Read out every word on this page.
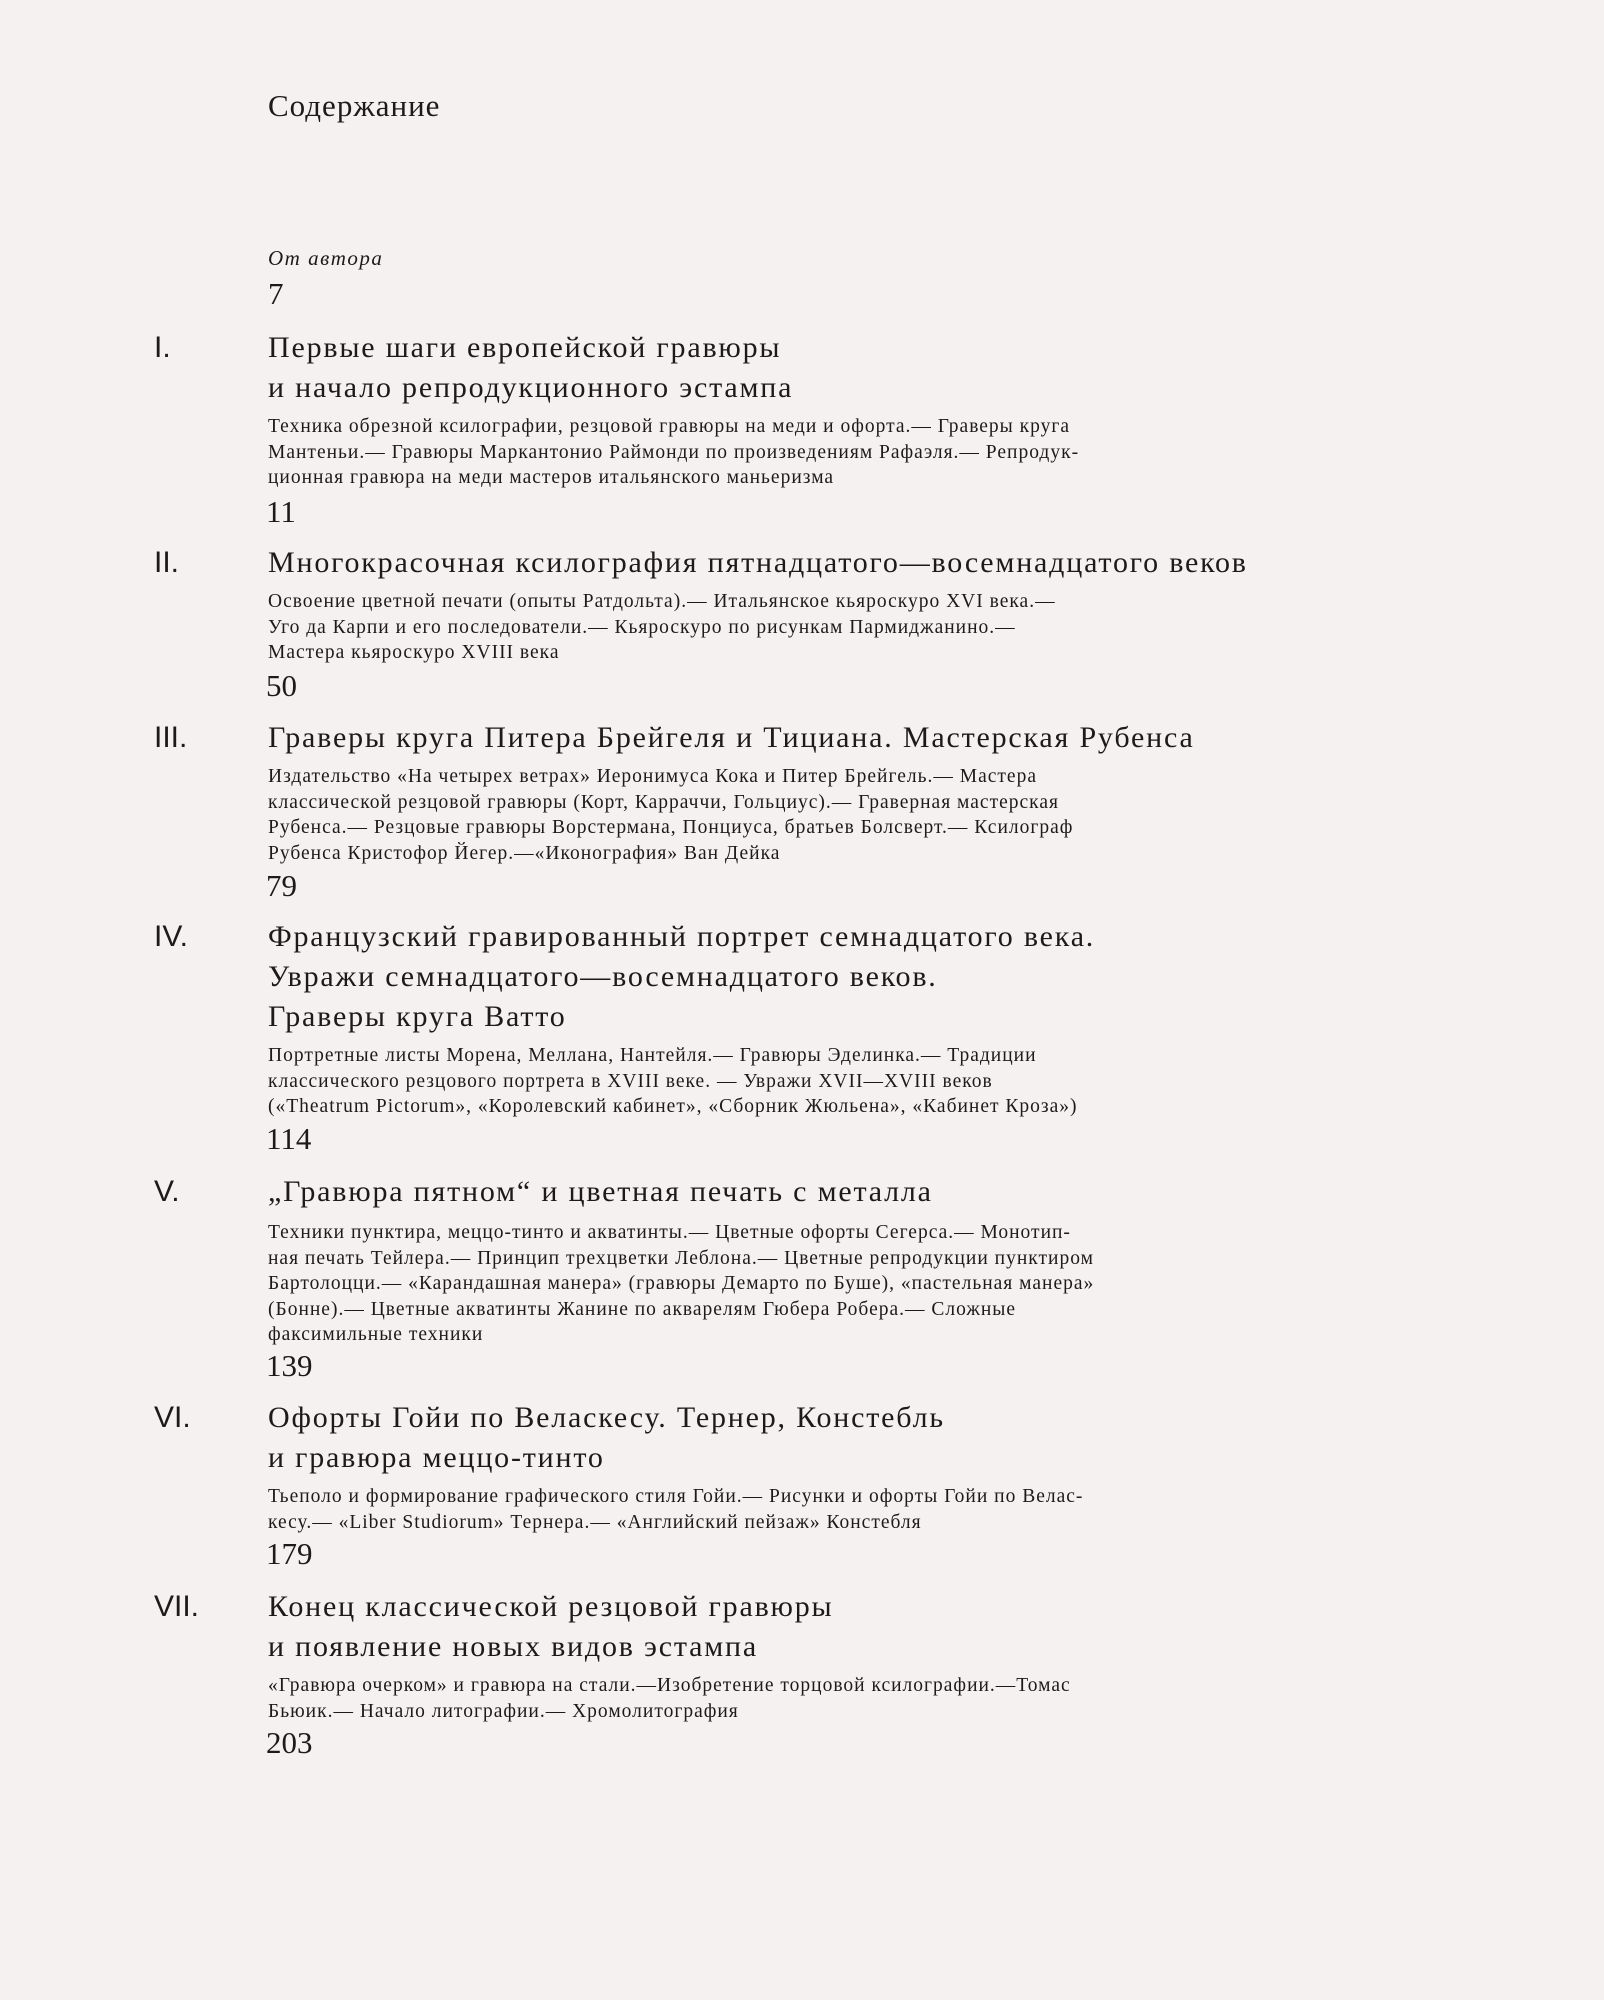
Содержание
От автора
7
I.	Первые шаги европейской гравюры
и начало репродукционного эстампа
Техника обрезной ксилографии, резцовой гравюры на меди и офорта.— Граверы круга
Мантеньи.— Гравюры Маркантонио Раймонди по произведениям Рафаэля.— Репродук-
ционная гравюра на меди мастеров итальянского маньеризма
11
II.	Многокрасочная ксилография пятнадцатого—восемнадцатого веков
Освоение цветной печати (опыты Ратдольта).— Итальянское кьяроскуро XVI века.—
Уго да Карпи и его последователи.— Кьяроскуро по рисункам Пармиджанино.—
Мастера кьяроскуро XVIII века
50
III.	Граверы круга Питера Брейгеля и Тициана. Мастерская Рубенса
Издательство «На четырех ветрах» Иеронимуса Кока и Питер Брейгель.— Мастера
классической резцовой гравюры (Корт, Карраччи, Гольциус).— Граверная мастерская
Рубенса.— Резцовые гравюры Ворстермана, Понциуса, братьев Болсверт.— Ксилограф
Рубенса Кристофор Йегер.—«Иконография» Ван Дейка
79
IV.	Французский гравированный портрет семнадцатого века.
Увражи семнадцатого—восемнадцатого веков.
Граверы круга Ватто
Портретные листы Морена, Меллана, Нантейля.— Гравюры Эделинка.— Традиции
классического резцового портрета в XVIII веке. — Увражи XVII—XVIII веков
(«Theatrum Pictorum», «Королевский кабинет», «Сборник Жюльена», «Кабинет Кроза»)
114
V.	„Гравюра пятном“ и цветная печать с металла
Техники пунктира, меццо-тинто и акватинты.— Цветные офорты Сегерса.— Монотип-
ная печать Тейлера.— Принцип трехцветки Леблона.— Цветные репродукции пунктиром
Бартолоцци.— «Карандашная манера» (гравюры Демарто по Буше), «пастельная манера»
(Бонне).— Цветные акватинты Жанине по акварелям Гюбера Робера.— Сложные
факсимильные техники
139
VI.	Офорты Гойи по Веласкесу. Тернер, Констебль
и гравюра меццо-тинто
Тьеполо и формирование графического стиля Гойи.— Рисунки и офорты Гойи по Велас-
кесу.— «Liber Studiorum» Тернера.— «Английский пейзаж» Констебля
179
VII. Конец классической резцовой гравюры
и появление новых видов эстампа
«Гравюра очерком» и гравюра на стали.—Изобретение торцовой ксилографии.—Томас
Бьюик.— Начало литографии.— Хромолитография
203
